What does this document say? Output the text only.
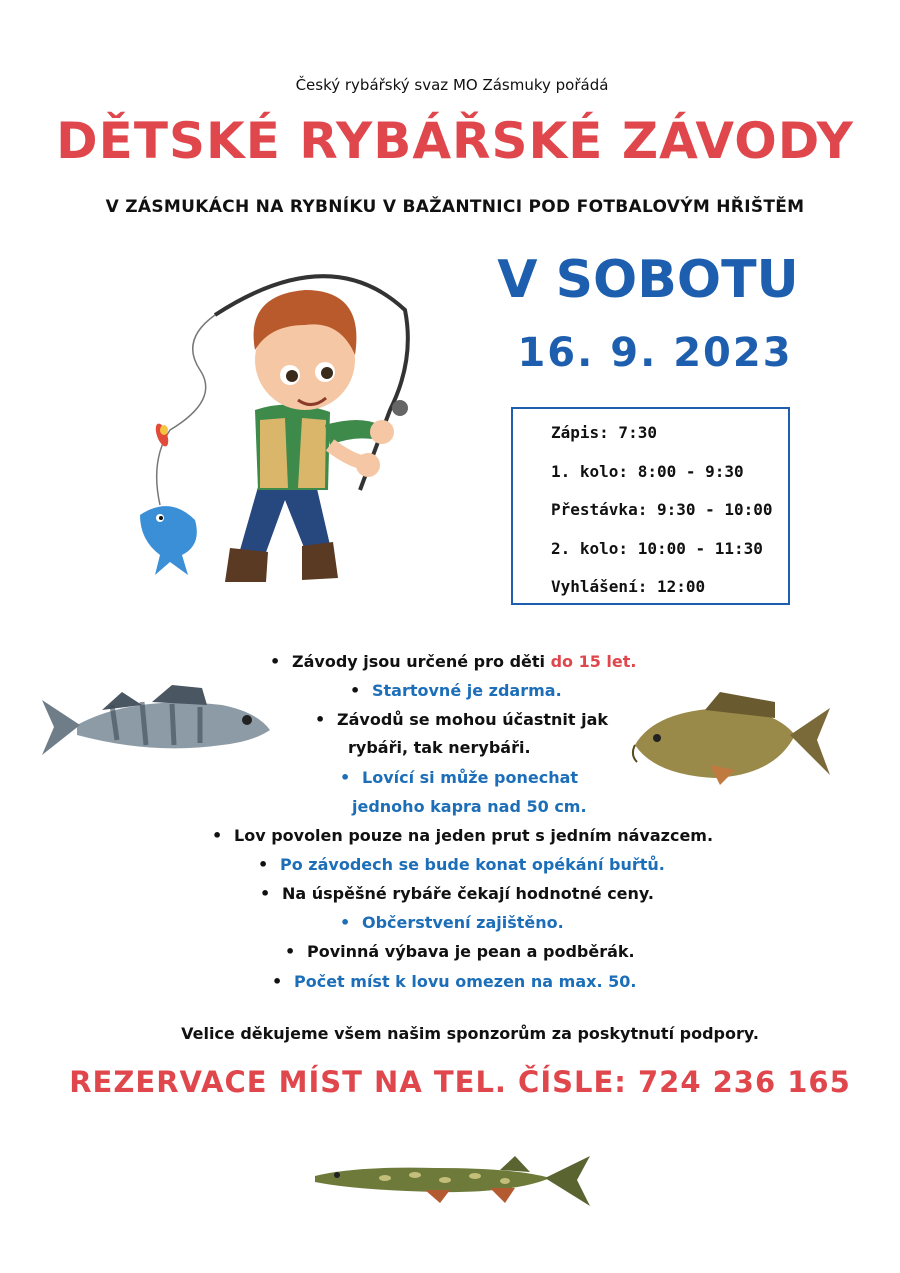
Český rybářský svaz MO Zásmuky pořádá
DĚTSKÉ RYBÁŘSKÉ ZÁVODY
V ZÁSMUKÁCH NA RYBNÍKU V BAŽANTNICI POD FOTBALOVÝM HŘIŠTĚM
V SOBOTU
16. 9. 2023
Zápis: 7:30
1. kolo: 8:00 - 9:30
Přestávka: 9:30 - 10:00
2. kolo: 10:00 - 11:30
Vyhlášení: 12:00
• Závody jsou určené pro děti do 15 let.
• Startovné je zdarma.
• Závodů se mohou účastnit jak
rybáři, tak nerybáři.
• Lovící si může ponechat
jednoho kapra nad 50 cm.
• Lov povolen pouze na jeden prut s jedním návazcem.
• Po závodech se bude konat opékání buřtů.
• Na úspěšné rybáře čekají hodnotné ceny.
• Občerstvení zajištěno.
• Povinná výbava je pean a podběrák.
• Počet míst k lovu omezen na max. 50.
Velice děkujeme všem našim sponzorům za poskytnutí podpory.
REZERVACE MÍST NA TEL. ČÍSLE: 724 236 165
